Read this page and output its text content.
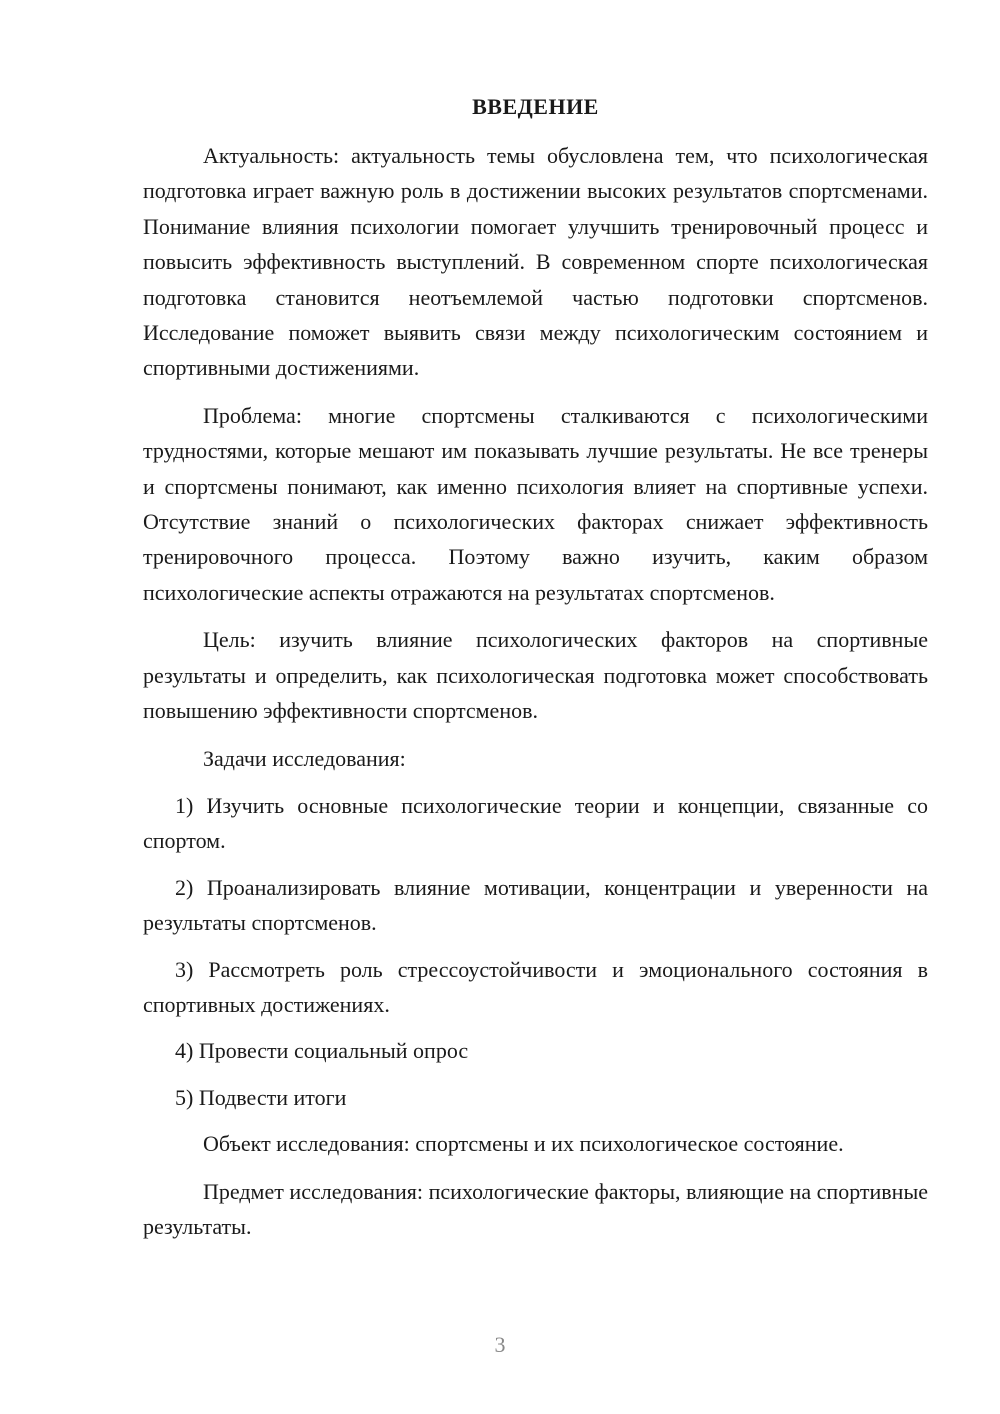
ВВЕДЕНИЕ

Актуальность: актуальность темы обусловлена тем, что психологическая подготовка играет важную роль в достижении высоких результатов спортсменами. Понимание влияния психологии помогает улучшить тренировочный процесс и повысить эффективность выступлений. В современном спорте психологическая подготовка становится неотъемлемой частью подготовки спортсменов. Исследование поможет выявить связи между психологическим состоянием и спортивными достижениями.

Проблема: многие спортсмены сталкиваются с психологическими трудностями, которые мешают им показывать лучшие результаты. Не все тренеры и спортсмены понимают, как именно психология влияет на спортивные успехи. Отсутствие знаний о психологических факторах снижает эффективность тренировочного процесса. Поэтому важно изучить, каким образом психологические аспекты отражаются на результатах спортсменов.

Цель: изучить влияние психологических факторов на спортивные результаты и определить, как психологическая подготовка может способствовать повышению эффективности спортсменов.

Задачи исследования:

1) Изучить основные психологические теории и концепции, связанные со спортом.

2) Проанализировать влияние мотивации, концентрации и уверенности на результаты спортсменов.

3) Рассмотреть роль стрессоустойчивости и эмоционального состояния в спортивных достижениях.

4) Провести социальный опрос

5) Подвести итоги

Объект исследования: спортсмены и их психологическое состояние.

Предмет исследования: психологические факторы, влияющие на спортивные результаты.

3
